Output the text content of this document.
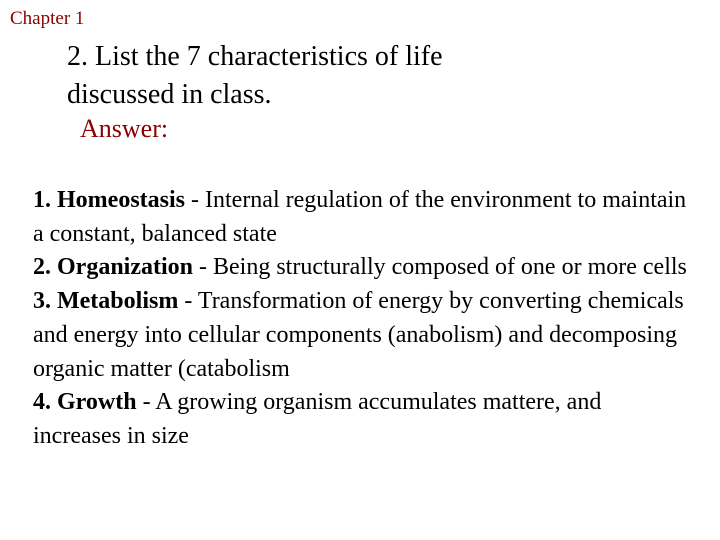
Chapter 1
2. List the 7 characteristics of life
discussed in class.
Answer:
1. Homeostasis - Internal regulation of the environment to maintain a constant, balanced state
2. Organization - Being structurally composed of one or more cells
3. Metabolism - Transformation of energy by converting chemicals and energy into cellular components (anabolism) and decomposing organic matter (catabolism
4. Growth - A growing organism accumulates mattere, and increases in size
